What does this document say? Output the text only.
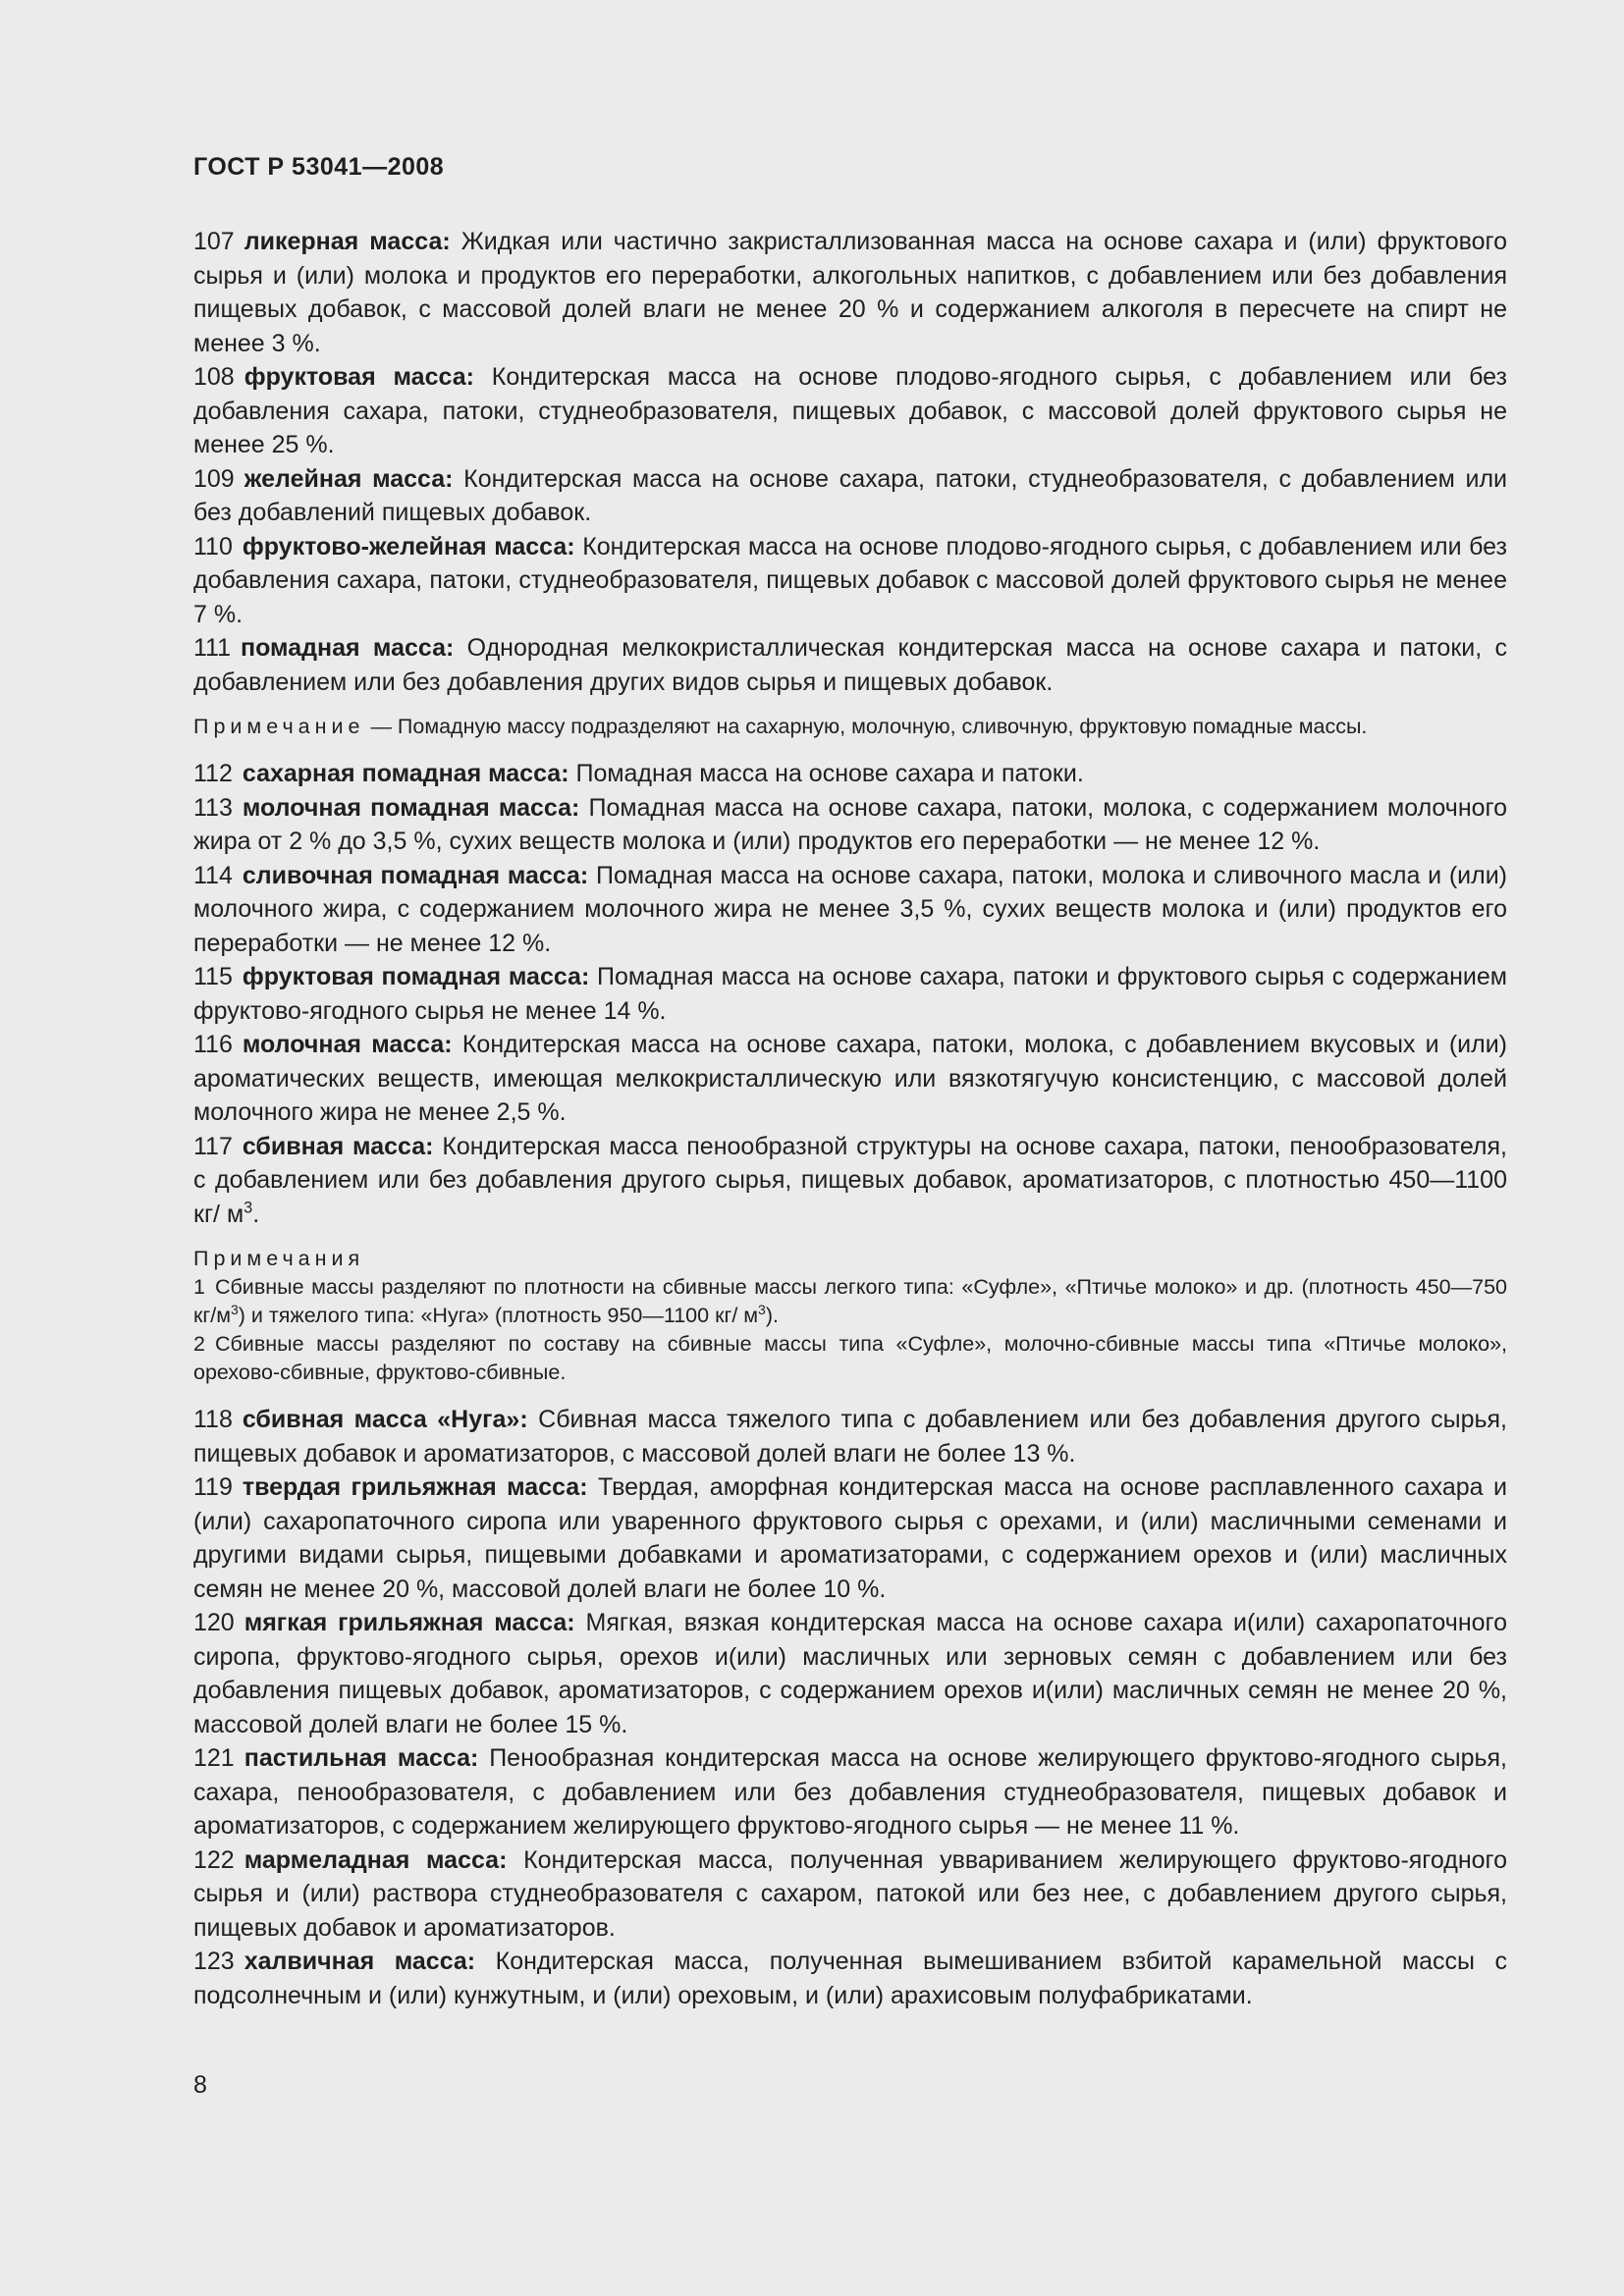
ГОСТ Р 53041—2008

107 ликерная масса: Жидкая или частично закристаллизованная масса на основе сахара и (или) фруктового сырья и (или) молока и продуктов его переработки, алкогольных напитков, с добавлением или без добавления пищевых добавок, с массовой долей влаги не менее 20 % и содержанием алкоголя в пересчете на спирт не менее 3 %.

108 фруктовая масса: Кондитерская масса на основе плодово-ягодного сырья, с добавлением или без добавления сахара, патоки, студнеобразователя, пищевых добавок, с массовой долей фруктового сырья не менее 25 %.

109 желейная масса: Кондитерская масса на основе сахара, патоки, студнеобразователя, с добавлением или без добавлений пищевых добавок.

110 фруктово-желейная масса: Кондитерская масса на основе плодово-ягодного сырья, с добавлением или без добавления сахара, патоки, студнеобразователя, пищевых добавок с массовой долей фруктового сырья не менее 7 %.

111 помадная масса: Однородная мелкокристаллическая кондитерская масса на основе сахара и патоки, с добавлением или без добавления других видов сырья и пищевых добавок.

Примечание — Помадную массу подразделяют на сахарную, молочную, сливочную, фруктовую помадные массы.

112 сахарная помадная масса: Помадная масса на основе сахара и патоки.

113 молочная помадная масса: Помадная масса на основе сахара, патоки, молока, с содержанием молочного жира от 2 % до 3,5 %, сухих веществ молока и (или) продуктов его переработки — не менее 12 %.

114 сливочная помадная масса: Помадная масса на основе сахара, патоки, молока и сливочного масла и (или) молочного жира, с содержанием молочного жира не менее 3,5 %, сухих веществ молока и (или) продуктов его переработки — не менее 12 %.

115 фруктовая помадная масса: Помадная масса на основе сахара, патоки и фруктового сырья с содержанием фруктово-ягодного сырья не менее 14 %.

116 молочная масса: Кондитерская масса на основе сахара, патоки, молока, с добавлением вкусовых и (или) ароматических веществ, имеющая мелкокристаллическую или вязкотягучую консистенцию, с массовой долей молочного жира не менее 2,5 %.

117 сбивная масса: Кондитерская масса пенообразной структуры на основе сахара, патоки, пенообразователя, с добавлением или без добавления другого сырья, пищевых добавок, ароматизаторов, с плотностью 450—1100 кг/ $м^3$.

Примечания

1 Сбивные массы разделяют по плотности на сбивные массы легкого типа: «Суфле», «Птичье молоко» и др. (плотность 450—750 $кг/м^3$) и тяжелого типа: «Нуга» (плотность 950—1100 кг/ $м^3$).

2 Сбивные массы разделяют по составу на сбивные массы типа «Суфле», молочно-сбивные массы типа «Птичье молоко», орехово-сбивные, фруктово-сбивные.

118 сбивная масса «Нуга»: Сбивная масса тяжелого типа с добавлением или без добавления другого сырья, пищевых добавок и ароматизаторов, с массовой долей влаги не более 13 %.

119 твердая грильяжная масса: Твердая, аморфная кондитерская масса на основе расплавленного сахара и (или) сахаропаточного сиропа или уваренного фруктового сырья с орехами, и (или) масличными семенами и другими видами сырья, пищевыми добавками и ароматизаторами, с содержанием орехов и (или) масличных семян не менее 20 %, массовой долей влаги не более 10 %.

120 мягкая грильяжная масса: Мягкая, вязкая кондитерская масса на основе сахара и(или) сахаропаточного сиропа, фруктово-ягодного сырья, орехов и(или) масличных или зерновых семян с добавлением или без добавления пищевых добавок, ароматизаторов, с содержанием орехов и(или) масличных семян не менее 20 %, массовой долей влаги не более 15 %.

121 пастильная масса: Пенообразная кондитерская масса на основе желирующего фруктово-ягодного сырья, сахара, пенообразователя, с добавлением или без добавления студнеобразователя, пищевых добавок и ароматизаторов, с содержанием желирующего фруктово-ягодного сырья — не менее 11 %.

122 мармеладная масса: Кондитерская масса, полученная уввариванием желирующего фруктово-ягодного сырья и (или) раствора студнеобразователя с сахаром, патокой или без нее, с добавлением другого сырья, пищевых добавок и ароматизаторов.

123 халвичная масса: Кондитерская масса, полученная вымешиванием взбитой карамельной массы с подсолнечным и (или) кунжутным, и (или) ореховым, и (или) арахисовым полуфабрикатами.

8
